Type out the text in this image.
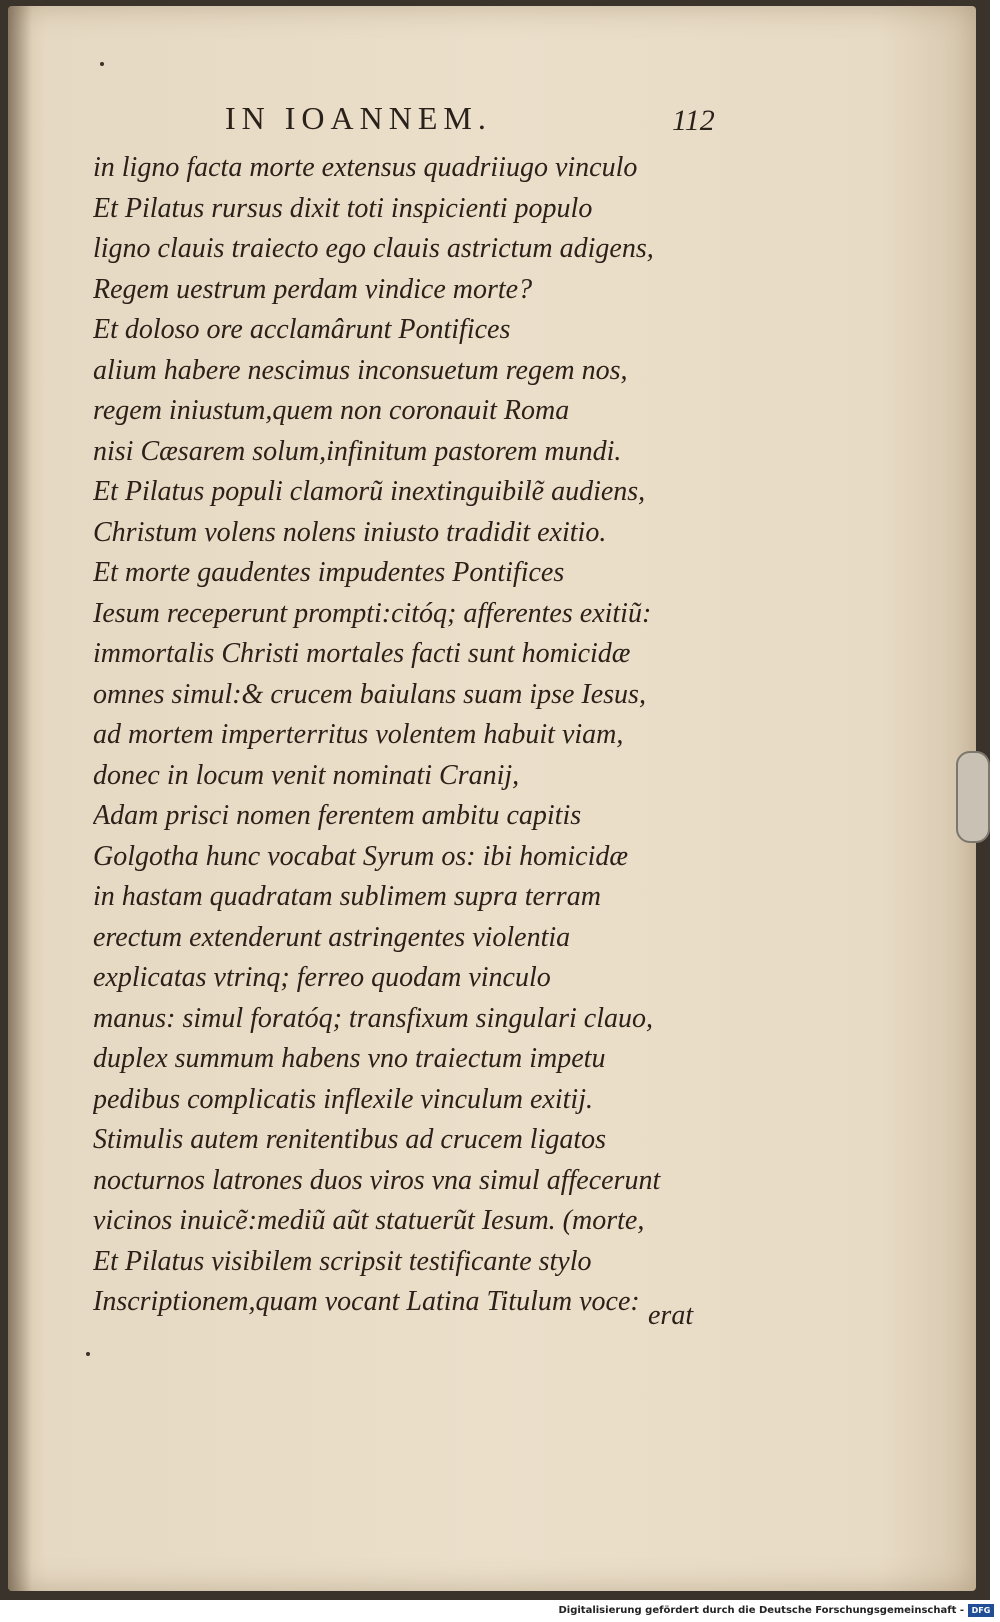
IN IOANNEM.	112
in ligno facta morte extensus quadriiugo vinculo
Et Pilatus rursus dixit toti inspicienti populo
ligno clauis traiecto ego clauis astrictum adigens,
Regem uestrum perdam vindice morte?
Et doloso ore acclamârunt Pontifices
alium habere nescimus inconsuetum regem nos,
regem iniustum,quem non coronauit Roma
nisi Cæsarem solum,infinitum pastorem mundi.
Et Pilatus populi clamorũ inextinguibilẽ audiens,
Christum volens nolens iniusto tradidit exitio.
Et morte gaudentes impudentes Pontifices
Iesum receperunt prompti:citóq; afferentes exitiũ:
immortalis Christi mortales facti sunt homicidæ
omnes simul:& crucem baiulans suam ipse Iesus,
ad mortem imperterritus volentem habuit viam,
donec in locum venit nominati Cranij,
Adam prisci nomen ferentem ambitu capitis
Golgotha hunc vocabat Syrum os: ibi homicidæ
in hastam quadratam sublimem supra terram
erectum extenderunt astringentes violentia
explicatas vtrinq; ferreo quodam vinculo
manus: simul foratóq; transfixum singulari clauo,
duplex summum habens vno traiectum impetu
pedibus complicatis inflexile vinculum exitij.
Stimulis autem renitentibus ad crucem ligatos
nocturnos latrones duos viros vna simul affecerunt
vicinos inuicẽ:mediũ aũt statuerũt Iesum. (morte,
Et Pilatus visibilem scripsit testificante stylo
Inscriptionem,quam vocant Latina Titulum voce: erat
Digitalisierung gefördert durch die Deutsche Forschungsgemeinschaft - DFG
